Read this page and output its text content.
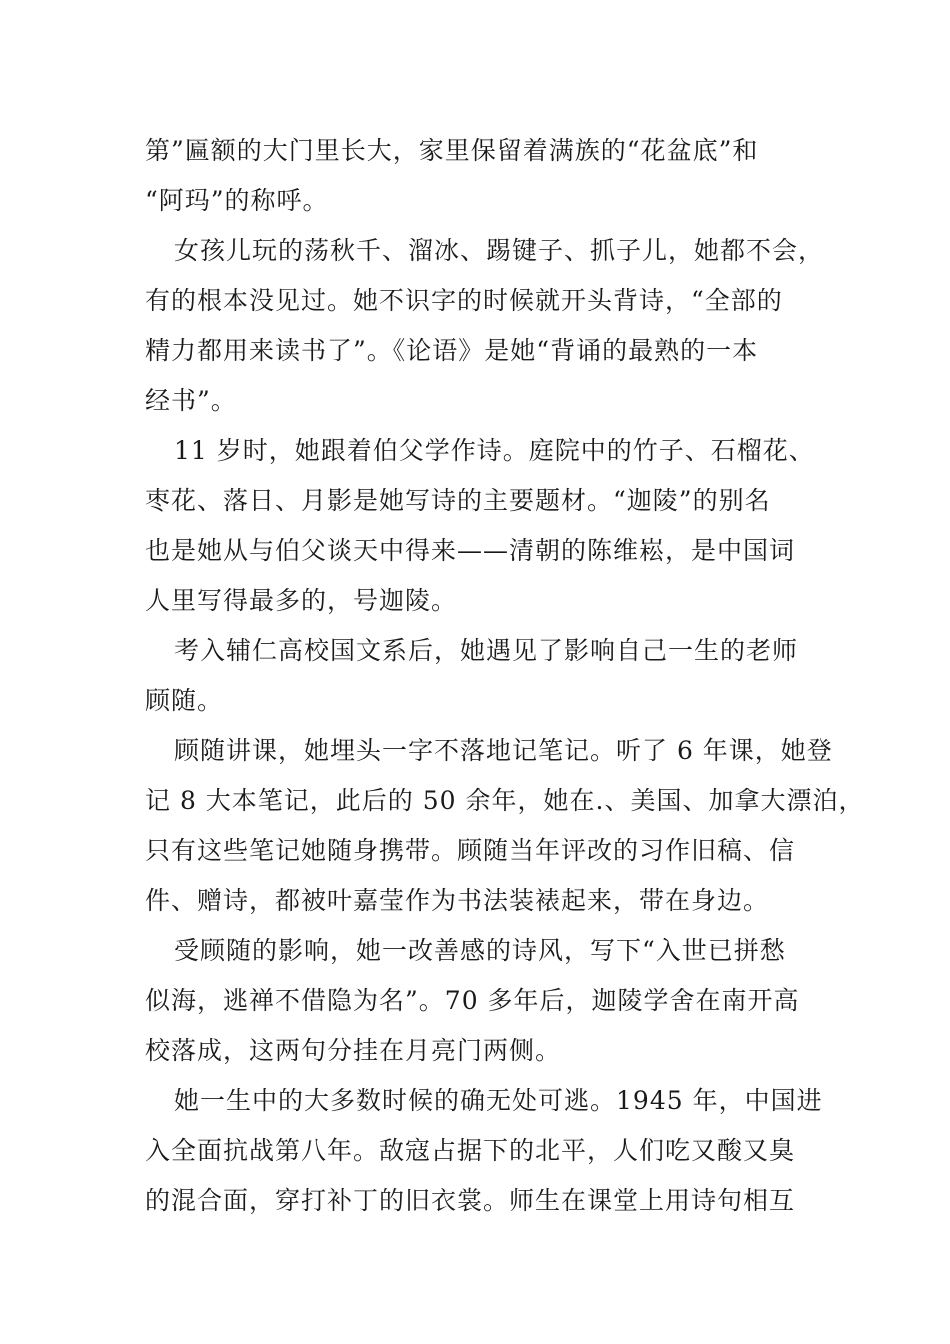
第”匾额的大门里长大，家里保留着满族的“花盆底”和
“阿玛”的称呼。
女孩儿玩的荡秋千、溜冰、踢键子、抓子儿，她都不会，
有的根本没见过。她不识字的时候就开头背诗，“全部的
精力都用来读书了”。《论语》是她“背诵的最熟的一本
经书”。
11 岁时，她跟着伯父学作诗。庭院中的竹子、石榴花、
枣花、落日、月影是她写诗的主要题材。“迦陵”的别名
也是她从与伯父谈天中得来——清朝的陈维崧，是中国词
人里写得最多的，号迦陵。
考入辅仁高校国文系后，她遇见了影响自己一生的老师
顾随。
顾随讲课，她埋头一字不落地记笔记。听了 6 年课，她登
记 8 大本笔记，此后的 50 余年，她在.、美国、加拿大漂泊，
只有这些笔记她随身携带。顾随当年评改的习作旧稿、信
件、赠诗，都被叶嘉莹作为书法装裱起来，带在身边。
受顾随的影响，她一改善感的诗风，写下“入世已拼愁
似海，逃禅不借隐为名”。70 多年后，迦陵学舍在南开高
校落成，这两句分挂在月亮门两侧。
她一生中的大多数时候的确无处可逃。1945 年，中国进
入全面抗战第八年。敌寇占据下的北平，人们吃又酸又臭
的混合面，穿打补丁的旧衣裳。师生在课堂上用诗句相互
